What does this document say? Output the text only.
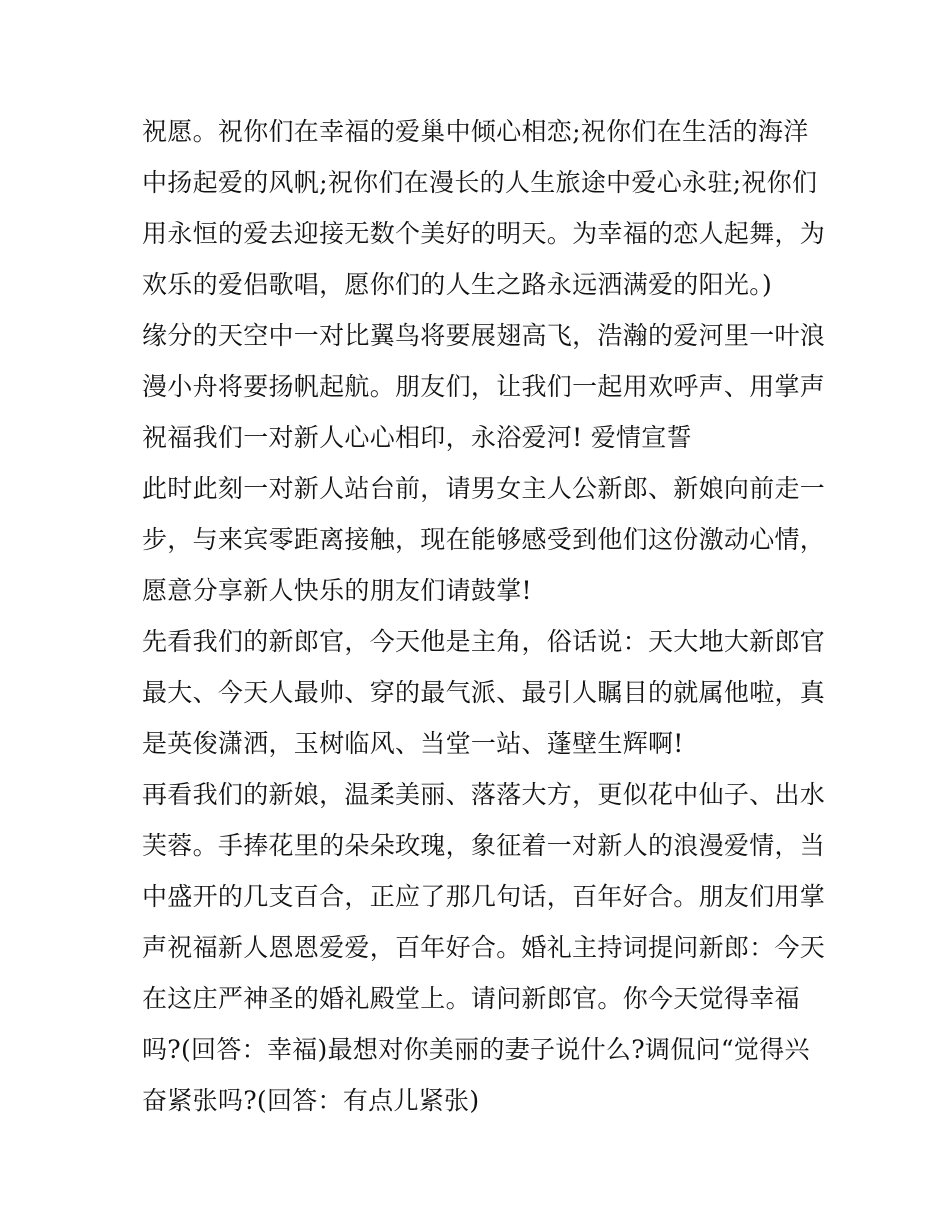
祝愿。祝你们在幸福的爱巢中倾心相恋;祝你们在生活的海洋
中扬起爱的风帆;祝你们在漫长的人生旅途中爱心永驻;祝你们
用永恒的爱去迎接无数个美好的明天。为幸福的恋人起舞，为
欢乐的爱侣歌唱，愿你们的人生之路永远洒满爱的阳光。)
缘分的天空中一对比翼鸟将要展翅高飞，浩瀚的爱河里一叶浪
漫小舟将要扬帆起航。朋友们，让我们一起用欢呼声、用掌声
祝福我们一对新人心心相印，永浴爱河! 爱情宣誓
此时此刻一对新人站台前，请男女主人公新郎、新娘向前走一
步，与来宾零距离接触，现在能够感受到他们这份激动心情，
愿意分享新人快乐的朋友们请鼓掌!
先看我们的新郎官，今天他是主角，俗话说：天大地大新郎官
最大、今天人最帅、穿的最气派、最引人瞩目的就属他啦，真
是英俊潇洒，玉树临风、当堂一站、蓬壁生辉啊!
再看我们的新娘，温柔美丽、落落大方，更似花中仙子、出水
芙蓉。手捧花里的朵朵玫瑰，象征着一对新人的浪漫爱情，当
中盛开的几支百合，正应了那几句话，百年好合。朋友们用掌
声祝福新人恩恩爱爱，百年好合。婚礼主持词提问新郎：今天
在这庄严神圣的婚礼殿堂上。请问新郎官。你今天觉得幸福
吗?(回答：幸福)最想对你美丽的妻子说什么?调侃问“觉得兴
奋紧张吗?(回答：有点儿紧张)
